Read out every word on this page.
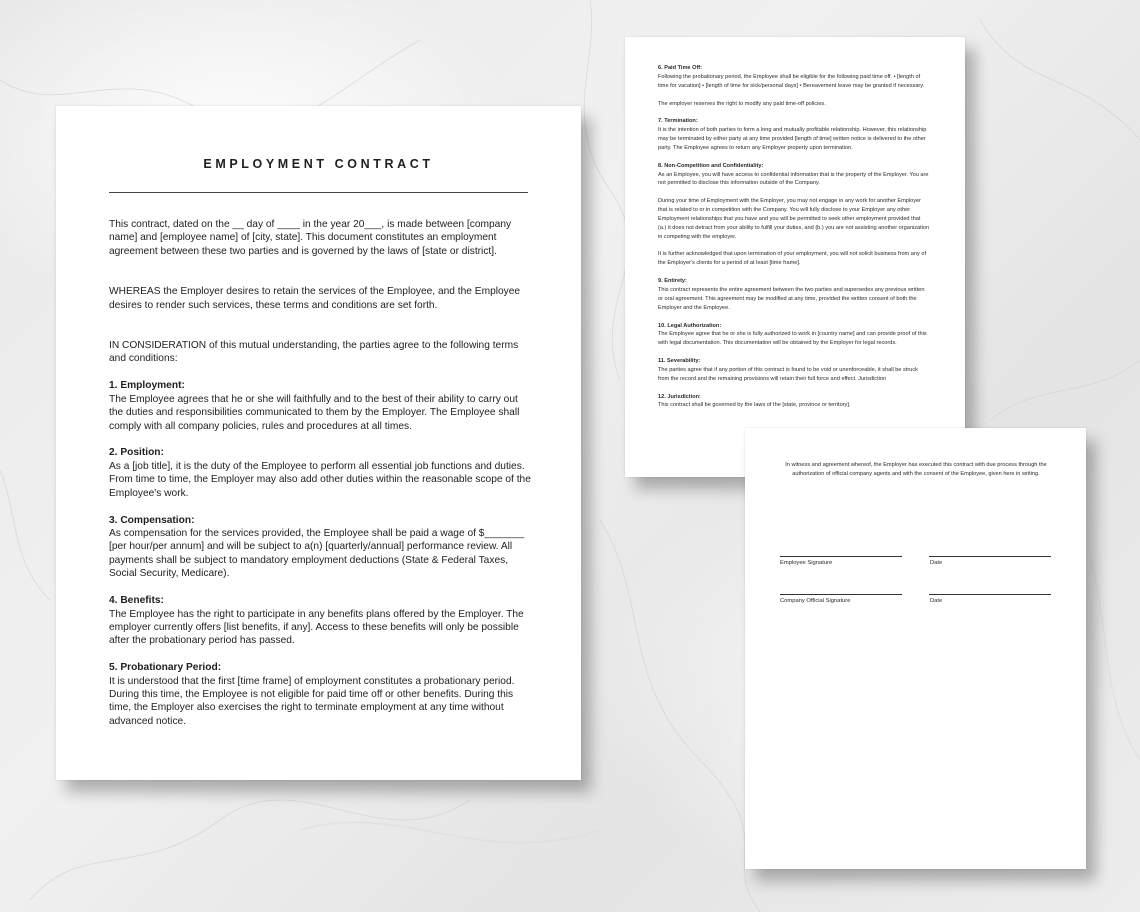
EMPLOYMENT CONTRACT

This contract, dated on the __ day of ____ in the year 20___, is made between [company name] and [employee name] of [city, state]. This document constitutes an employment agreement between these two parties and is governed by the laws of [state or district].

WHEREAS the Employer desires to retain the services of the Employee, and the Employee desires to render such services, these terms and conditions are set forth.

IN CONSIDERATION of this mutual understanding, the parties agree to the following terms and conditions:

1. Employment:

The Employee agrees that he or she will faithfully and to the best of their ability to carry out the duties and responsibilities communicated to them by the Employer. The Employee shall comply with all company policies, rules and procedures at all times.

2. Position:

As a [job title], it is the duty of the Employee to perform all essential job functions and duties. From time to time, the Employer may also add other duties within the reasonable scope of the Employee's work.

3. Compensation:

As compensation for the services provided, the Employee shall be paid a wage of $_______ [per hour/per annum] and will be subject to a(n) [quarterly/annual] performance review. All payments shall be subject to mandatory employment deductions (State & Federal Taxes, Social Security, Medicare).

4. Benefits:

The Employee has the right to participate in any benefits plans offered by the Employer. The employer currently offers [list benefits, if any]. Access to these benefits will only be possible after the probationary period has passed.

5. Probationary Period:

It is understood that the first [time frame] of employment constitutes a probationary period. During this time, the Employee is not eligible for paid time off or other benefits. During this time, the Employer also exercises the right to terminate employment at any time without advanced notice.

6. Paid Time Off:

Following the probationary period, the Employee shall be eligible for the following paid time off. • [length of time for vacation] • [length of time for sick/personal days] • Bereavement leave may be granted if necessary.

The employer reserves the right to modify any paid time-off policies.

7. Termination:

It is the intention of both parties to form a long and mutually profitable relationship. However, this relationship may be terminated by either party at any time provided [length of time] written notice is delivered to the other party. The Employee agrees to return any Employer property upon termination.

8. Non-Competition and Confidentiality:

As an Employee, you will have access to confidential information that is the property of the Employer. You are not permitted to disclose this information outside of the Company.

During your time of Employment with the Employer, you may not engage in any work for another Employer that is related to or in competition with the Company. You will fully disclose to your Employer any other Employment relationships that you have and you will be permitted to seek other employment provided that (a.) it does not detract from your ability to fulfill your duties, and (b.) you are not assisting another organization in competing with the employer.

It is further acknowledged that upon termination of your employment, you will not solicit business from any of the Employer's clients for a period of at least [time frame].

9. Entirety:

This contract represents the entire agreement between the two parties and supersedes any previous written or oral agreement. This agreement may be modified at any time, provided the written consent of both the Employer and the Employee.

10. Legal Authorization:

The Employee agree that he or she is fully authorized to work in [country name] and can provide proof of this with legal documentation. This documentation will be obtained by the Employer for legal records.

11. Severability:

The parties agree that if any portion of this contract is found to be void or unenforceable, it shall be struck from the record and the remaining provisions will retain their full force and effect. Jurisdiction

12. Jurisdiction:

This contract shall be governed by the laws of the [state, province or territory].

In witness and agreement whereof, the Employer has executed this contract with due process through the authorization of official company agents and with the consent of the Employee, given here in writing.
Employee Signature	Date
Company Official Signature	Date
